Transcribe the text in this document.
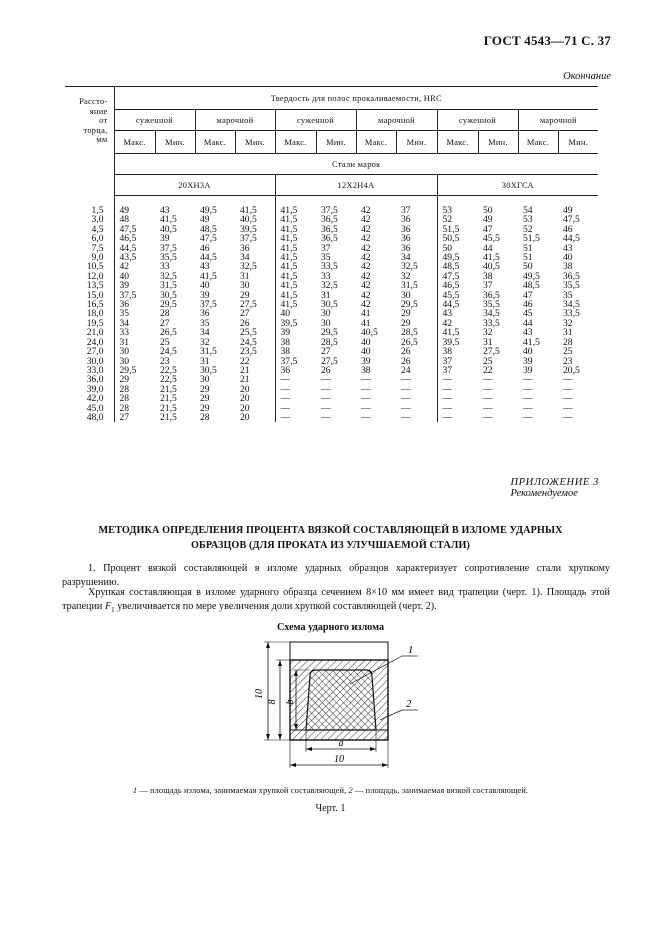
ГОСТ 4543—71 С. 37
Окончание
Рассто-
яние
от
торца,
мм	Твердость для полос прокаливаемости, HRC											
	суженной		марочной		суженной		марочной		суженной		марочной	
	Макс.	Мин.	Макс.	Мин.	Макс.	Мин.	Макс.	Мин.	Макс.	Мин.	Макс.	Мин.
	Стали марок											
	20ХН3А				12Х2Н4А				30ХГСА			
1,5	49	43	49,5	41,5	41,5	37,5	42	37	53	50	54	49
3,0	48	41,5	49	40,5	41,5	36,5	42	36	52	49	53	47,5
4,5	47,5	40,5	48,5	39,5	41,5	36,5	42	36	51,5	47	52	46
6,0	46,5	39	47,5	37,5	41,5	36,5	42	36	50,5	45,5	51,5	44,5
7,5	44,5	37,5	46	36	41,5	37	42	36	50	44	51	43
9,0	43,5	35,5	44,5	34	41,5	35	42	34	49,5	41,5	51	40
10,5	42	33	43	32,5	41,5	33,5	42	32,5	48,5	40,5	50	38
12,0	40	32,5	41,5	31	41,5	33	42	32	47,5	38	49,5	36,5
13,5	39	31,5	40	30	41,5	32,5	42	31,5	46,5	37	48,5	35,5
15,0	37,5	30,5	39	29	41,5	31	42	30	45,5	36,5	47	35
16,5	36	29,5	37,5	27,5	41,5	30,5	42	29,5	44,5	35,5	46	34,5
18,0	35	28	36	27	40	30	41	29	43	34,5	45	33,5
19,5	34	27	35	26	39,5	30	41	29	42	33,5	44	32
21,0	33	26,5	34	25,5	39	29,5	40,5	28,5	41,5	32	43	31
24,0	31	25	32	24,5	38	28,5	40	26,5	39,5	31	41,5	28
27,0	30	24,5	31,5	23,5	38	27	40	26	38	27,5	40	25
30,0	30	23	31	22	37,5	27,5	39	26	37	25	39	23
33,0	29,5	22,5	30,5	21	36	26	38	24	37	22	39	20,5
36,0	29	22,5	30	21	—	—	—	—	—	—	—	—
39,0	28	21,5	29	20	—	—	—	—	—	—	—	—
42,0	28	21,5	29	20	—	—	—	—	—	—	—	—
45,0	28	21,5	29	20	—	—	—	—	—	—	—	—
48,0	27	21,5	28	20	—	—	—	—	—	—	—	—
ПРИЛОЖЕНИЕ 3
Рекомендуемое
МЕТОДИКА ОПРЕДЕЛЕНИЯ ПРОЦЕНТА ВЯЗКОЙ СОСТАВЛЯЮЩЕЙ В ИЗЛОМЕ УДАРНЫХ
ОБРАЗЦОВ (ДЛЯ ПРОКАТА ИЗ УЛУЧШАЕМОЙ СТАЛИ)

1. Процент вязкой составляющей в изломе ударных образцов характеризует сопротивление стали хрупкому разрушению.

Хрупкая составляющая в изломе ударного образца сечением 8×10 мм имеет вид трапеции (черт. 1). Площадь этой трапеции $F_1$ увеличивается по мере увеличения доли хрупкой составляющей (черт. 2).

Схема ударного излома
10
8 b
a
10
1
2
1 — площадь излома, занимаемая хрупкой составляющей, 2 — площадь, занимаемая вязкой составляющей.
Черт. 1
